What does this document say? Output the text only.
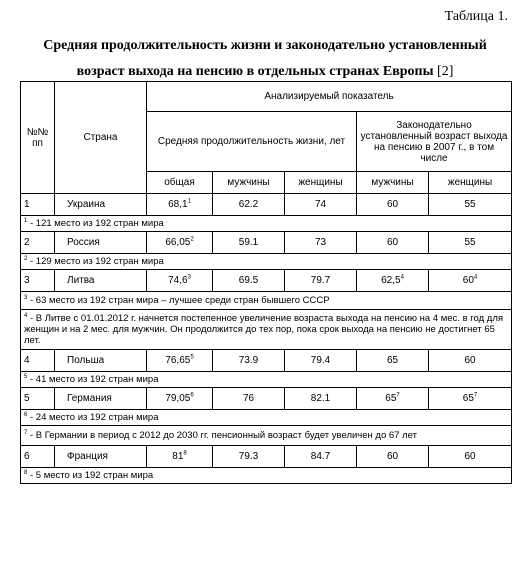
Таблица 1.
Средняя продолжительность жизни и законодательно установленный
возраст выхода на пенсию в отдельных странах Европы [2]
№№ пп	Страна	Анализируемый показатель				
		Средняя продолжительность жизни, лет			Законодательно установленный возраст выхода на пенсию в 2007 г., в том числе	
		общая	мужчины	женщины	мужчины	женщины
1	Украина	68,1$^1$	62.2	74	60	55
$^1$ - 121 место из 192 стран мира						
2	Россия	66,05$^2$	59.1	73	60	55
$^2$ - 129 место из 192 стран мира						
3	Литва	74,6$^3$	69.5	79.7	62,5$^4$	$60^4$
$^3$ - 63 место из 192 стран мира – лучшее среди стран бывшего СССР						
$^4$ - В Литве с 01.01.2012 г. начнется постепенное увеличение возраста выхода на пенсию на 4 мес. в год для женщин и на 2 мес. для мужчин. Он продолжится до тех пор, пока срок выхода на пенсию не достигнет 65 лет.						
4	Польша	76,65$^5$	73.9	79.4	65	60
$^5$ - 41 место из 192 стран мира						
5	Германия	79,05$^6$	76	82.1	$65^7$	$65^7$
$^6$ - 24 место из 192 стран мира						
$^7$ - В Германии в период с 2012 до 2030 гг. пенсионный возраст будет увеличен до 67 лет						
6	Франция	$81^8$	79.3	84.7	60	60
$^8$ - 5 место из 192 стран мира						
